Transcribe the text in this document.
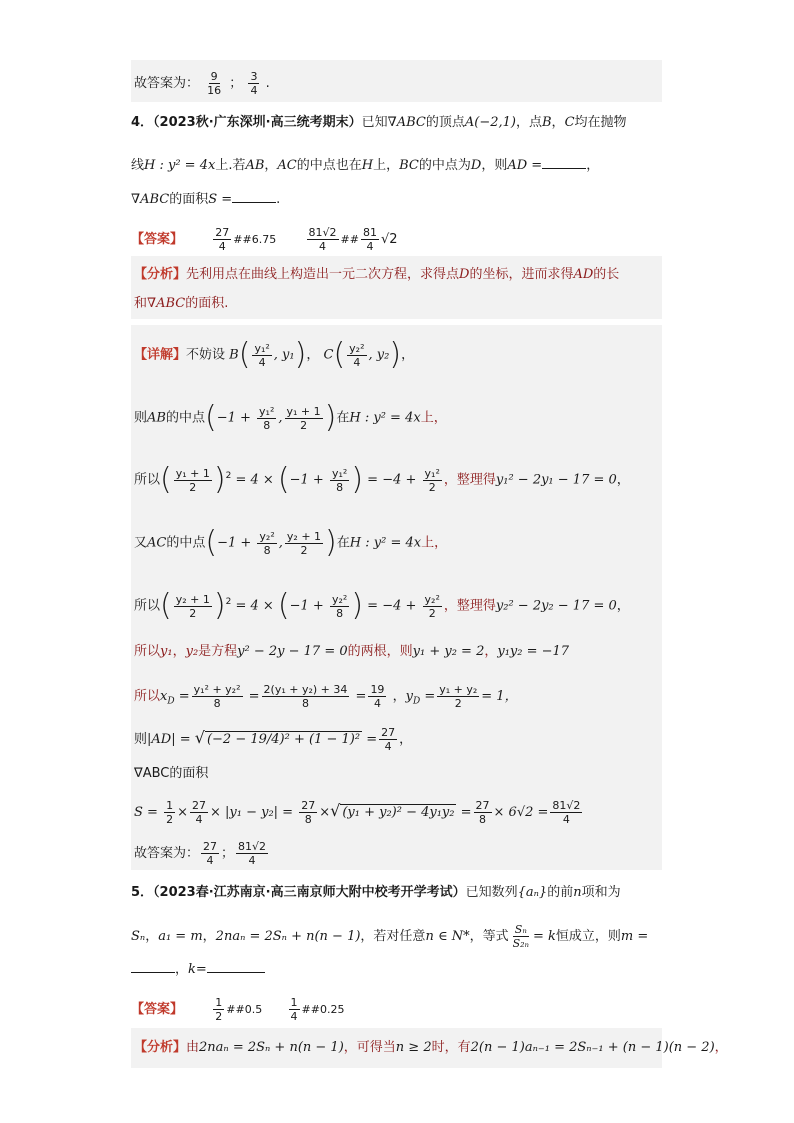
故答案为： $\frac{9}{16}$ ； $\frac{3}{4}$ .
4．（2023秋·广东深圳·高三统考期末）已知∇ABC的顶点A(−2,1)，点B，C均在抛物
线H : y² = 4x上.若AB，AC的中点也在H上，BC的中点为D，则AD =	，
∇ABC的面积S =	.
【答案】	$\frac{27}{4}$ ##6.75	$\frac{81√2}{4}$ ## $\frac{81}{4} √2$
【分析】先利用点在曲线上构造出一元二次方程，求得点D的坐标，进而求得AD的长
和∇ABC的面积.
【详解】不妨设 $B( \frac{\text{y₁²}}{4}$ , y₁)， $C( \frac{\text{y₂²}}{4}$ , y₂)，
则AB的中点($-1 + \frac{\text{y₁²}}{8}$ , $\frac{\text{y₁ + 1}}{2}$ )在H : y² = 4x上，
所以( $\frac{\text{y₁ + 1}}{2} )^2 = 4 \times (-1 + \frac{\text{y₁²}}{8}$ ) = $-4 + \frac{\text{y₁²}}{2}$ ，整理得y₁² − 2y₁ − 17 = 0，
又AC的中点($-1 + \frac{\text{y₂²}}{8}$ , $\frac{\text{y₂ + 1}}{2}$ )在H : y² = 4x上，
所以( $\frac{\text{y₂ + 1}}{2} )^2 = 4 \times (-1 + \frac{\text{y₂²}}{8}$ ) = $-4 + \frac{\text{y₂²}}{2}$ ，整理得y₂² − 2y₂ − 17 = 0，
所以y₁，y₂是方程y² − 2y − 17 = 0的两根，则y₁ + y₂ = 2，y₁y₂ = −17
所以$x_D = \frac{\text{y₁² + y₂²}}{8} = \frac{\text{2(y₁ + y₂) + 34}}{8} = \frac{19}{4}$ ，$y_D = \frac{\text{y₁ + y₂}}{2} = 1$，
则|AD| = √ $(-2 - 19/4)^2 + (1 - 1)^2 = \frac{27}{4}$ ，
∇ABC的面积
$S = \frac{1}{2} \times \frac{27}{4} \times |y_1 - y_2| = \frac{27}{8}$ ×√ $(y_1 + y_2)^2 - 4y_1y_2 = \frac{27}{8} \times 6√2 = \frac{81√2}{4}$
故答案为： $\frac{27}{4}$ ； $\frac{81√2}{4}$
5．（2023春·江苏南京·高三南京师大附中校考开学考试）已知数列{aₙ}的前n项和为
Sₙ，a₁ = m，2naₙ = 2Sₙ + n(n − 1)，若对任意n ∈ N*，等式 $\frac{\text{Sₙ}}{\text{S₂ₙ}} = k$恒成立，则m =
，k=
【答案】	$\frac{1}{2}$ ##0.5 $\frac{1}{4}$ ##0.25
【分析】由2naₙ = 2Sₙ + n(n − 1)，可得当n ≥ 2时，有2(n − 1)aₙ₋₁ = 2Sₙ₋₁ + (n − 1)(n − 2)，
